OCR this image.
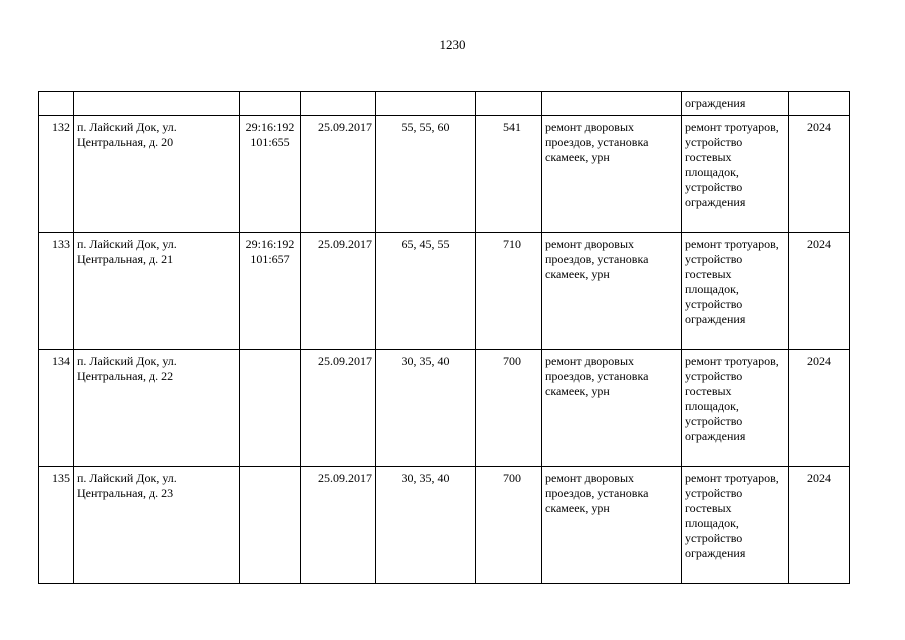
1230
							ограждения	
132	п. Лайский Док, ул. Центральная, д. 20	29:16:192 101:655	25.09.2017	55, 55, 60	541	ремонт дворовых проездов, установка скамеек, урн	ремонт тротуаров, устройство гостевых площадок, устройство ограждения	2024
133	п. Лайский Док, ул. Центральная, д. 21	29:16:192 101:657	25.09.2017	65, 45, 55	710	ремонт дворовых проездов, установка скамеек, урн	ремонт тротуаров, устройство гостевых площадок, устройство ограждения	2024
134	п. Лайский Док, ул. Центральная, д. 22		25.09.2017	30, 35, 40	700	ремонт дворовых проездов, установка скамеек, урн	ремонт тротуаров, устройство гостевых площадок, устройство ограждения	2024
135	п. Лайский Док, ул. Центральная, д. 23		25.09.2017	30, 35, 40	700	ремонт дворовых проездов, установка скамеек, урн	ремонт тротуаров, устройство гостевых площадок, устройство ограждения	2024
